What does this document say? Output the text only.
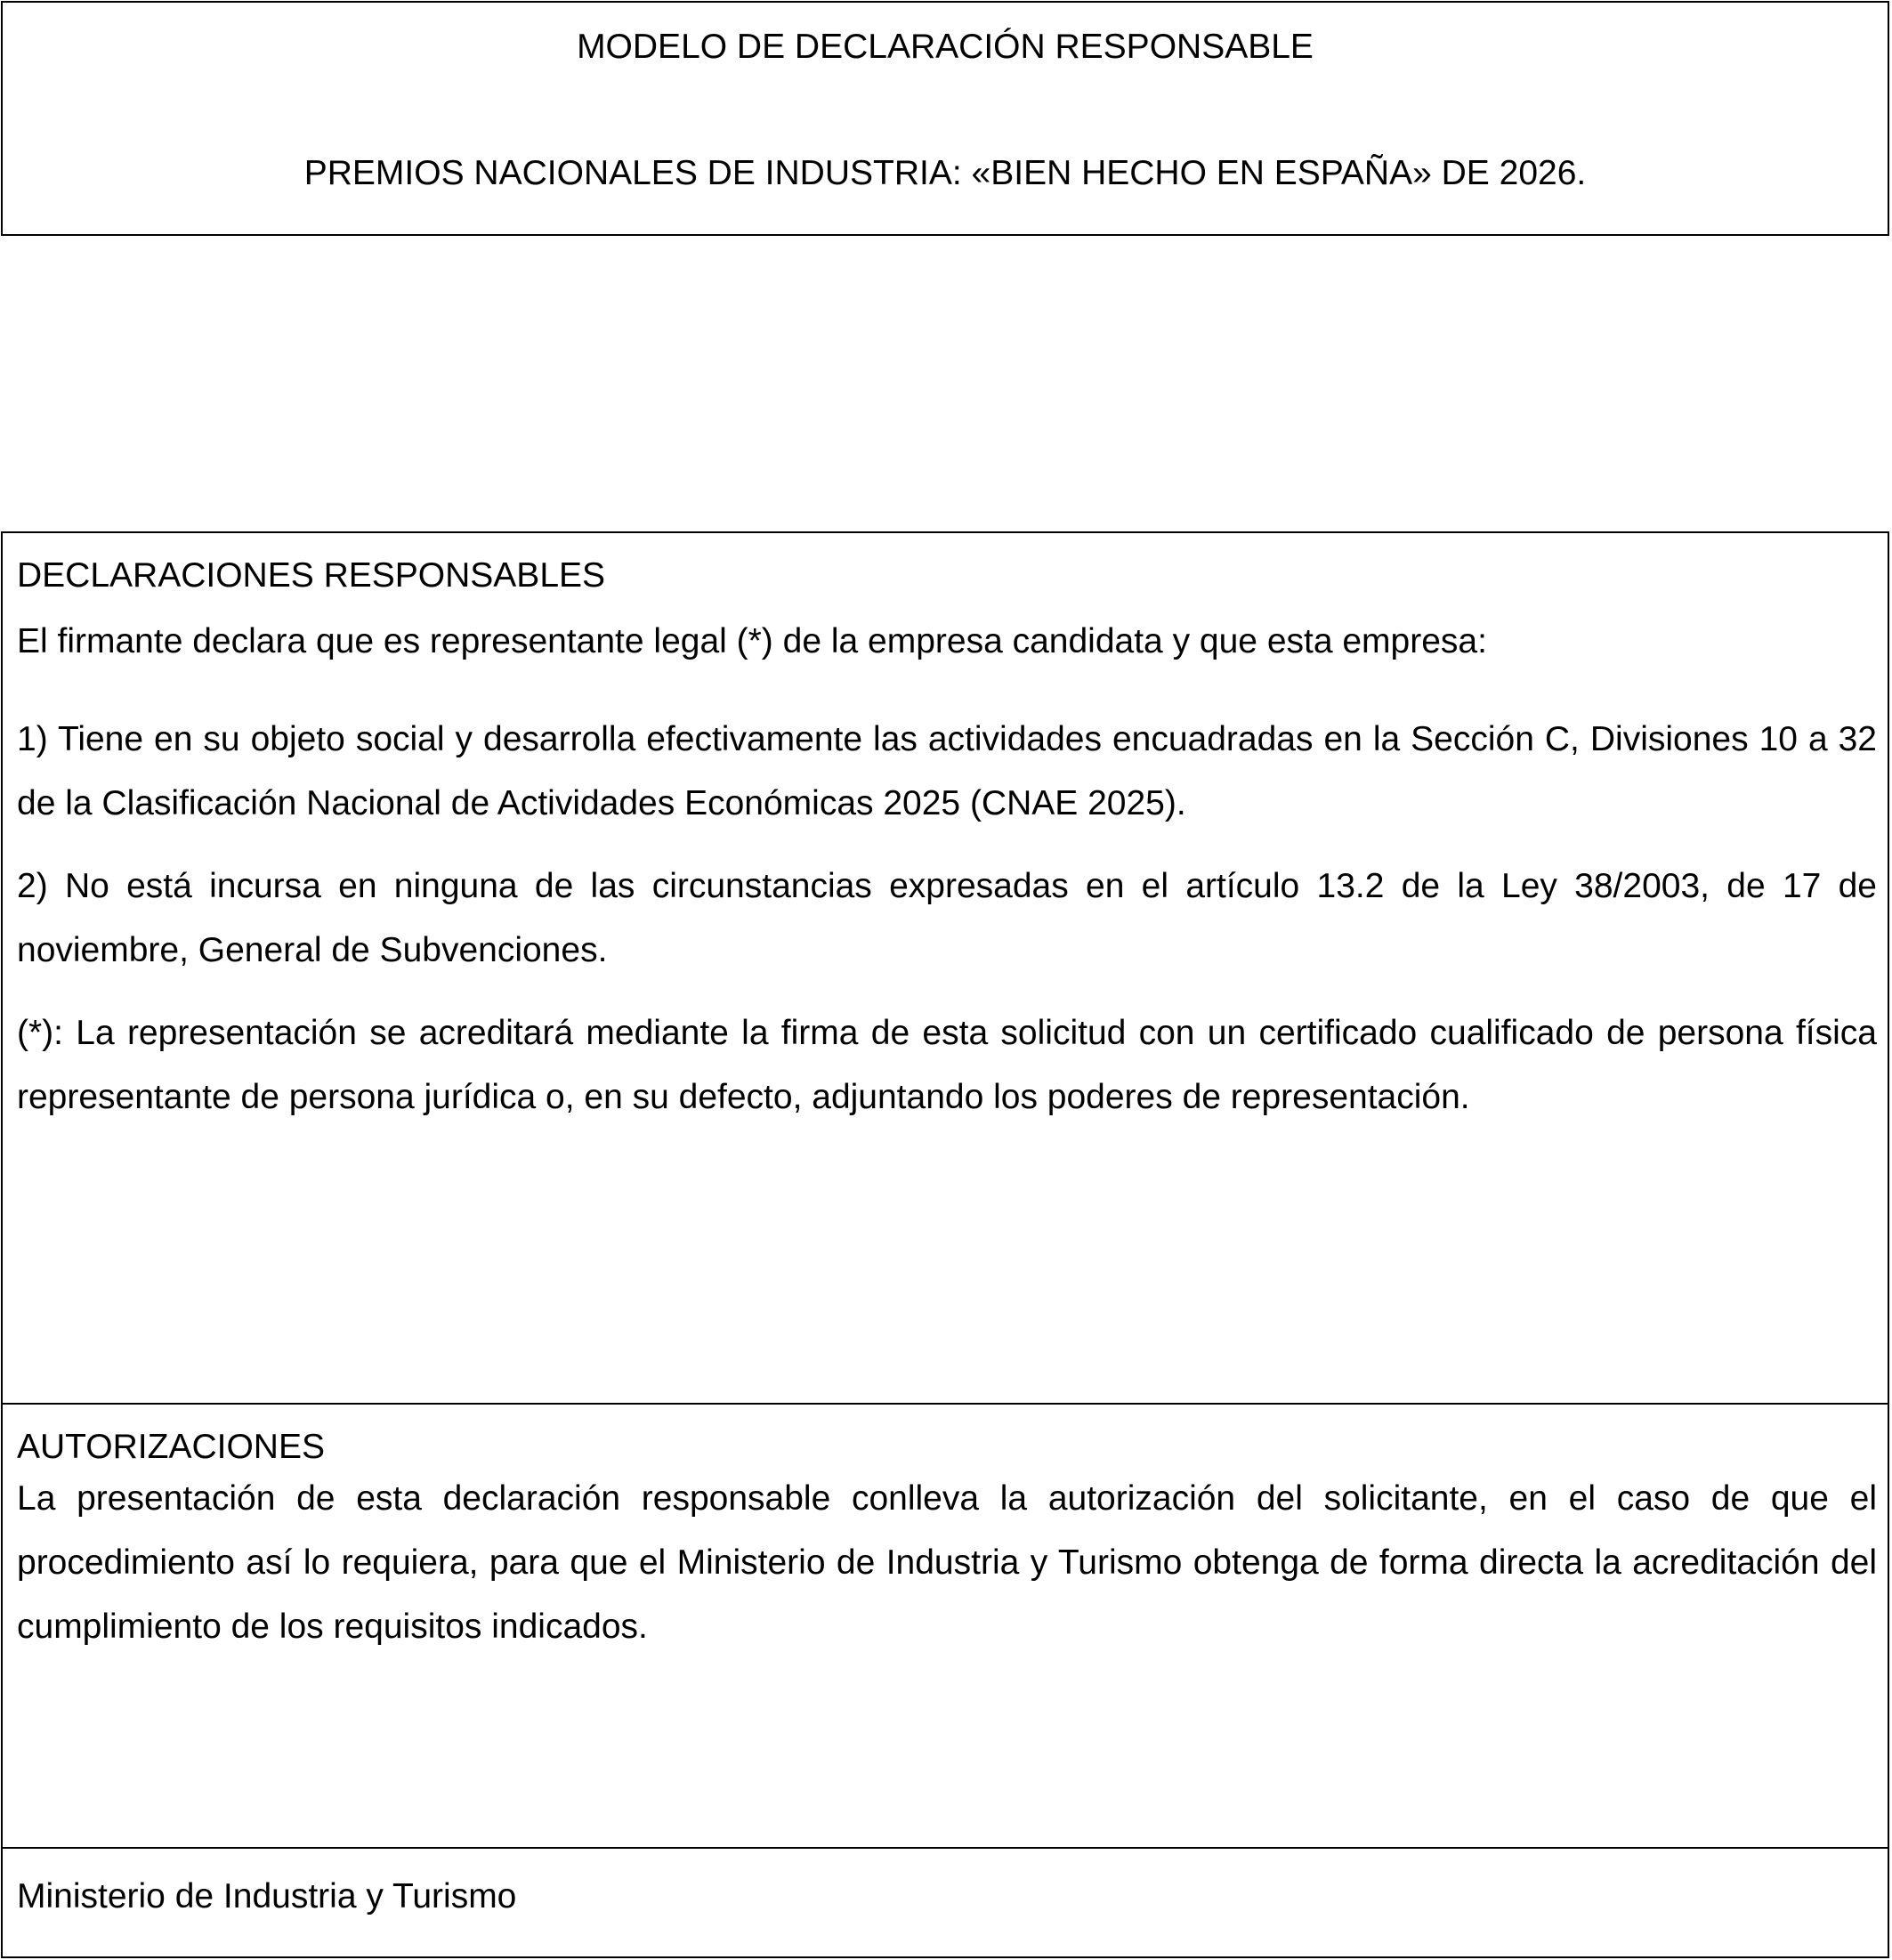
MODELO DE DECLARACIÓN RESPONSABLE
PREMIOS NACIONALES DE INDUSTRIA: «BIEN HECHO EN ESPAÑA» DE 2026.
DECLARACIONES RESPONSABLES
El firmante declara que es representante legal (*) de la empresa candidata y que esta empresa:
1) Tiene en su objeto social y desarrolla efectivamente las actividades encuadradas en la Sección C, Divisiones 10 a 32 de la Clasificación Nacional de Actividades Económicas 2025 (CNAE 2025).
2) No está incursa en ninguna de las circunstancias expresadas en el artículo 13.2 de la Ley 38/2003, de 17 de noviembre, General de Subvenciones.
(*): La representación se acreditará mediante la firma de esta solicitud con un certificado cualificado de persona física representante de persona jurídica o, en su defecto, adjuntando los poderes de representación.
AUTORIZACIONES
La presentación de esta declaración responsable conlleva la autorización del solicitante, en el caso de que el procedimiento así lo requiera, para que el Ministerio de Industria y Turismo obtenga de forma directa la acreditación del cumplimiento de los requisitos indicados.
Ministerio de Industria y Turismo
